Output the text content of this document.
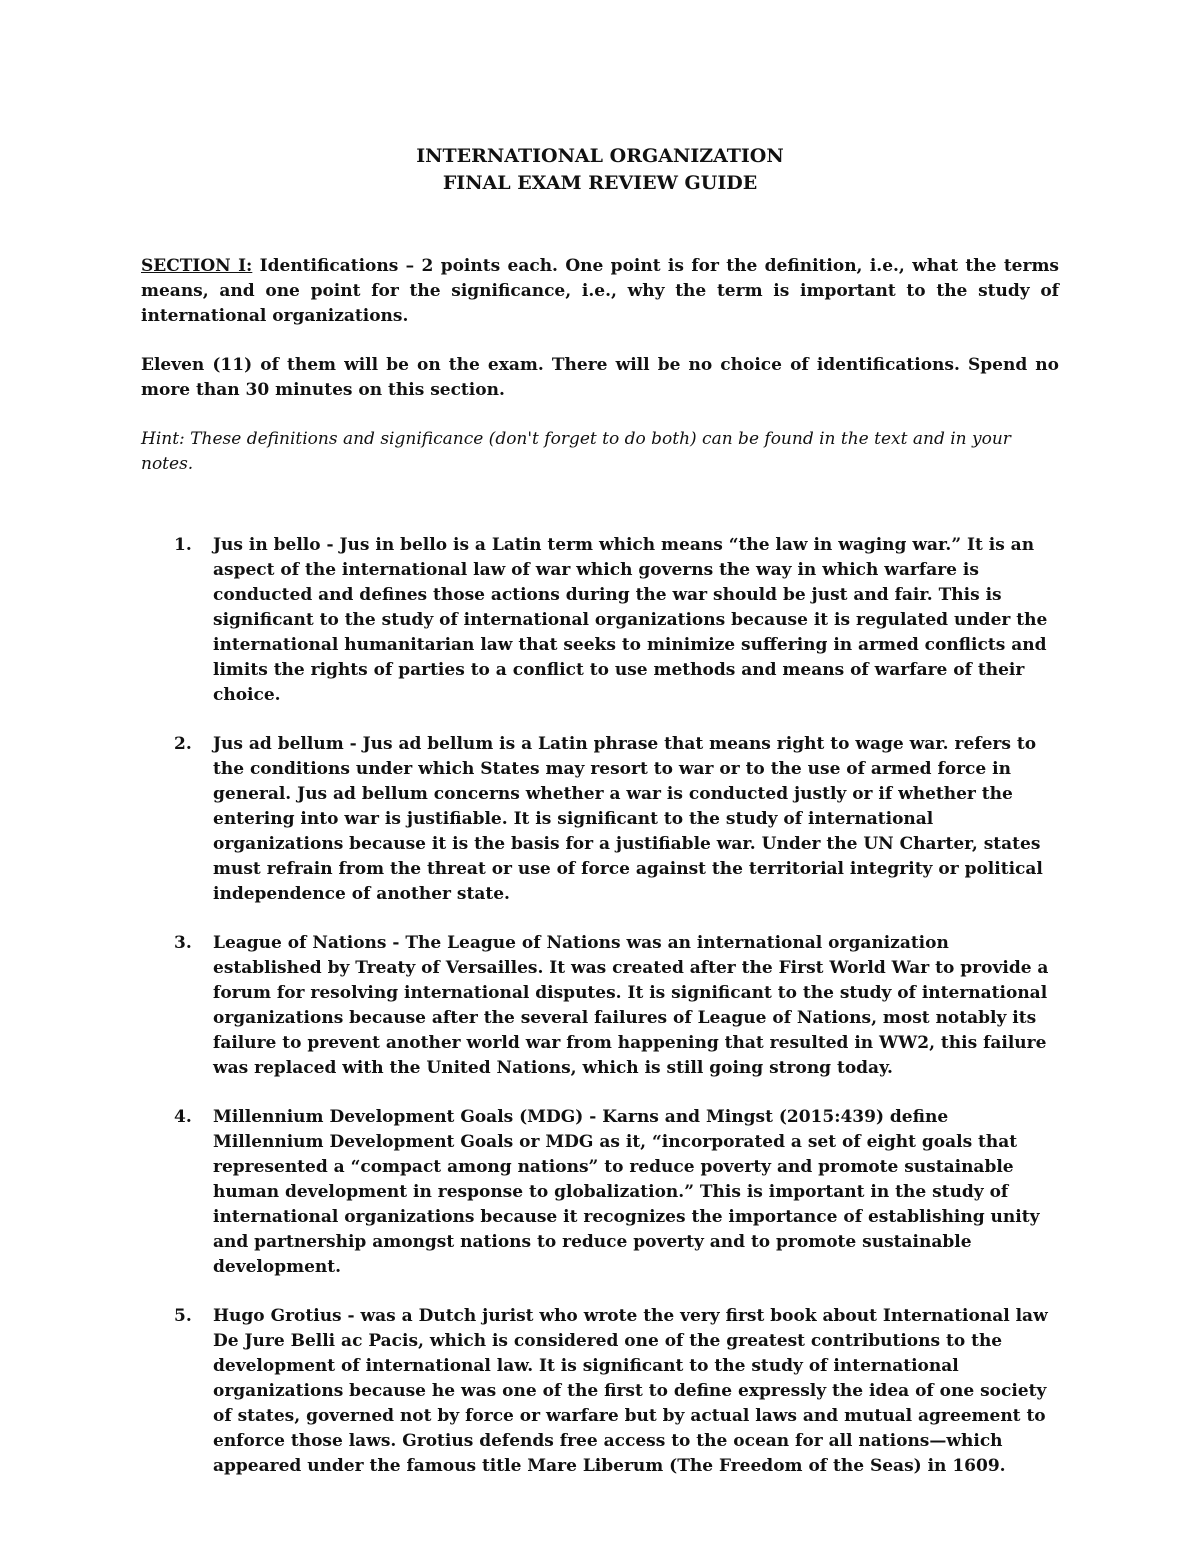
INTERNATIONAL ORGANIZATION
FINAL EXAM REVIEW GUIDE

SECTION I: Identifications – 2 points each. One point is for the definition, i.e., what the terms means, and one point for the significance, i.e., why the term is important to the study of international organizations.

Eleven (11) of them will be on the exam. There will be no choice of identifications. Spend no more than 30 minutes on this section.

Hint: These definitions and significance (don't forget to do both) can be found in the text and in your notes.

1. Jus in bello - Jus in bello is a Latin term which means “the law in waging war.” It is an aspect of the international law of war which governs the way in which warfare is conducted and defines those actions during the war should be just and fair. This is significant to the study of international organizations because it is regulated under the international humanitarian law that seeks to minimize suffering in armed conflicts and limits the rights of parties to a conflict to use methods and means of warfare of their choice.
2. Jus ad bellum - Jus ad bellum is a Latin phrase that means right to wage war. refers to the conditions under which States may resort to war or to the use of armed force in general. Jus ad bellum concerns whether a war is conducted justly or if whether the entering into war is justifiable. It is significant to the study of international organizations because it is the basis for a justifiable war. Under the UN Charter, states must refrain from the threat or use of force against the territorial integrity or political independence of another state.
3. League of Nations - The League of Nations was an international organization established by Treaty of Versailles. It was created after the First World War to provide a forum for resolving international disputes. It is significant to the study of international organizations because after the several failures of League of Nations, most notably its failure to prevent another world war from happening that resulted in WW2, this failure was replaced with the United Nations, which is still going strong today.
4. Millennium Development Goals (MDG) - Karns and Mingst (2015:439) define Millennium Development Goals or MDG as it, “incorporated a set of eight goals that represented a “compact among nations” to reduce poverty and promote sustainable human development in response to globalization.” This is important in the study of international organizations because it recognizes the importance of establishing unity and partnership amongst nations to reduce poverty and to promote sustainable development.
5. Hugo Grotius - was a Dutch jurist who wrote the very first book about International law De Jure Belli ac Pacis, which is considered one of the greatest contributions to the development of international law. It is significant to the study of international organizations because he was one of the first to define expressly the idea of one society of states, governed not by force or warfare but by actual laws and mutual agreement to enforce those laws. Grotius defends free access to the ocean for all nations—which appeared under the famous title Mare Liberum (The Freedom of the Seas) in 1609.
